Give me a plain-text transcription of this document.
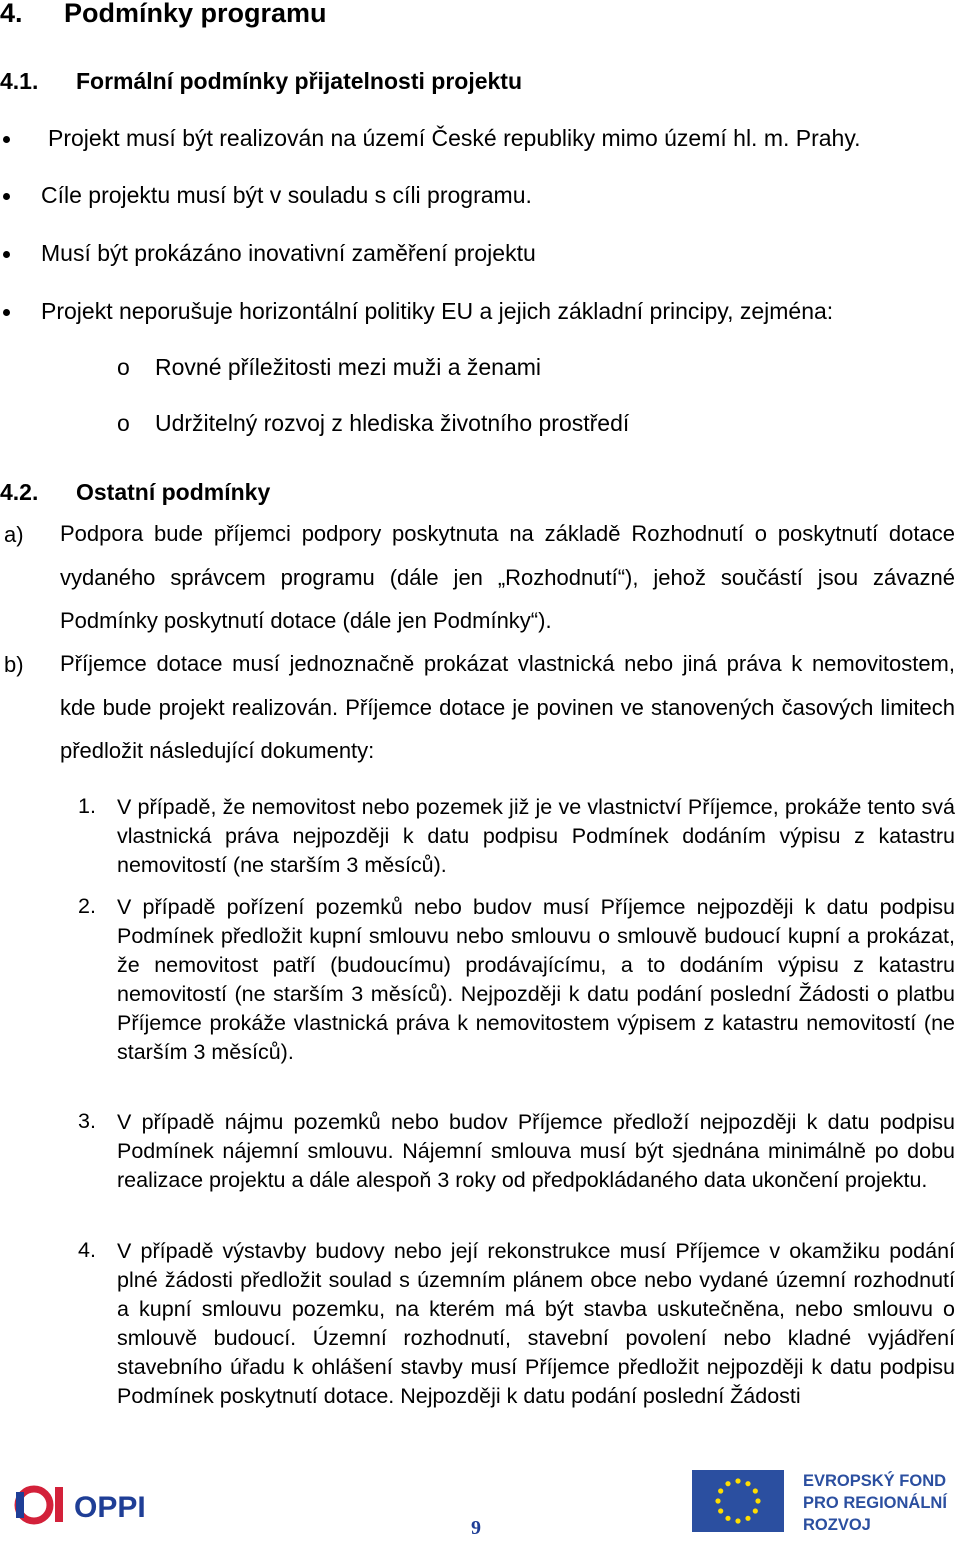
4. Podmínky programu
4.1. Formální podmínky přijatelnosti projektu
Projekt musí být realizován na území České republiky mimo území hl. m. Prahy.
Cíle projektu musí být v souladu s cíli programu.
Musí být prokázáno inovativní zaměření projektu
Projekt neporušuje horizontální politiky EU a jejich základní principy, zejména:
o Rovné příležitosti mezi muži a ženami
o Udržitelný rozvoj z hlediska životního prostředí
4.2. Ostatní podmínky
a) Podpora bude příjemci podpory poskytnuta na základě Rozhodnutí o poskytnutí dotace vydaného správcem programu (dále jen „Rozhodnutí“), jehož součástí jsou závazné Podmínky poskytnutí dotace (dále jen Podmínky“).
b) Příjemce dotace musí jednoznačně prokázat vlastnická nebo jiná práva k nemovitostem, kde bude projekt realizován. Příjemce dotace je povinen ve stanovených časových limitech předložit následující dokumenty:
1. V případě, že nemovitost nebo pozemek již je ve vlastnictví Příjemce, prokáže tento svá vlastnická práva nejpozději k datu podpisu Podmínek dodáním výpisu z katastru nemovitostí (ne starším 3 měsíců).
2. V případě pořízení pozemků nebo budov musí Příjemce nejpozději k datu podpisu Podmínek předložit kupní smlouvu nebo smlouvu o smlouvě budoucí kupní a prokázat, že nemovitost patří (budoucímu) prodávajícímu, a to dodáním výpisu z katastru nemovitostí (ne starším 3 měsíců). Nejpozději k datu podání poslední Žádosti o platbu Příjemce prokáže vlastnická práva k nemovitostem výpisem z katastru nemovitostí (ne starším 3 měsíců).
3. V případě nájmu pozemků nebo budov Příjemce předloží nejpozději k datu podpisu Podmínek nájemní smlouvu. Nájemní smlouva musí být sjednána minimálně po dobu realizace projektu a dále alespoň 3 roky od předpokládaného data ukončení projektu.
4. V případě výstavby budovy nebo její rekonstrukce musí Příjemce v okamžiku podání plné žádosti předložit soulad s územním plánem obce nebo vydané územní rozhodnutí a kupní smlouvu pozemku, na kterém má být stavba uskutečněna, nebo smlouvu o smlouvě budoucí. Územní rozhodnutí, stavební povolení nebo kladné vyjádření stavebního úřadu k ohlášení stavby musí Příjemce předložit nejpozději k datu podpisu Podmínek poskytnutí dotace. Nejpozději k datu podání poslední Žádosti
OPPI
9
EVROPSKÝ FOND
PRO REGIONÁLNÍ
ROZVOJ
